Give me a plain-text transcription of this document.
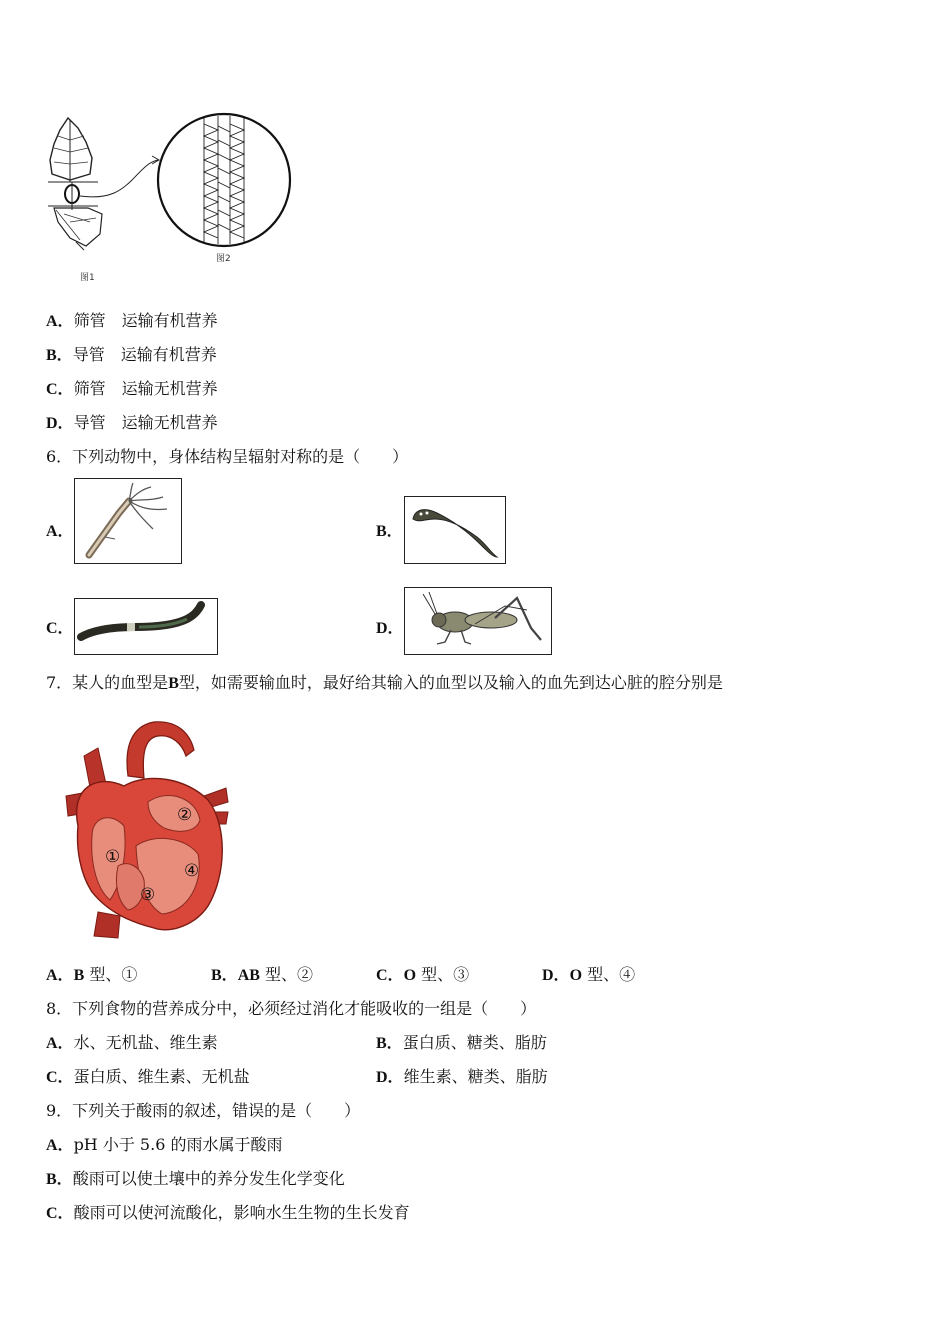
图1
图2
A．筛管　运输有机营养
B．导管　运输有机营养
C．筛管　运输无机营养
D．导管　运输无机营养
6．下列动物中，身体结构呈辐射对称的是（　　）
A．	B．
C．	D．
7．某人的血型是B型，如需要输血时，最好给其输入的血型以及输入的血先到达心脏的腔分别是
①
②
③
④
A．B 型、①	B．AB 型、②	C．O 型、③	D．O 型、④
8．下列食物的营养成分中，必须经过消化才能吸收的一组是（　　）
A．水、无机盐、维生素	B．蛋白质、糖类、脂肪
C．蛋白质、维生素、无机盐	D．维生素、糖类、脂肪
9．下列关于酸雨的叙述，错误的是（　　）
A．pH 小于 5.6 的雨水属于酸雨
B．酸雨可以使土壤中的养分发生化学变化
C．酸雨可以使河流酸化，影响水生生物的生长发育
